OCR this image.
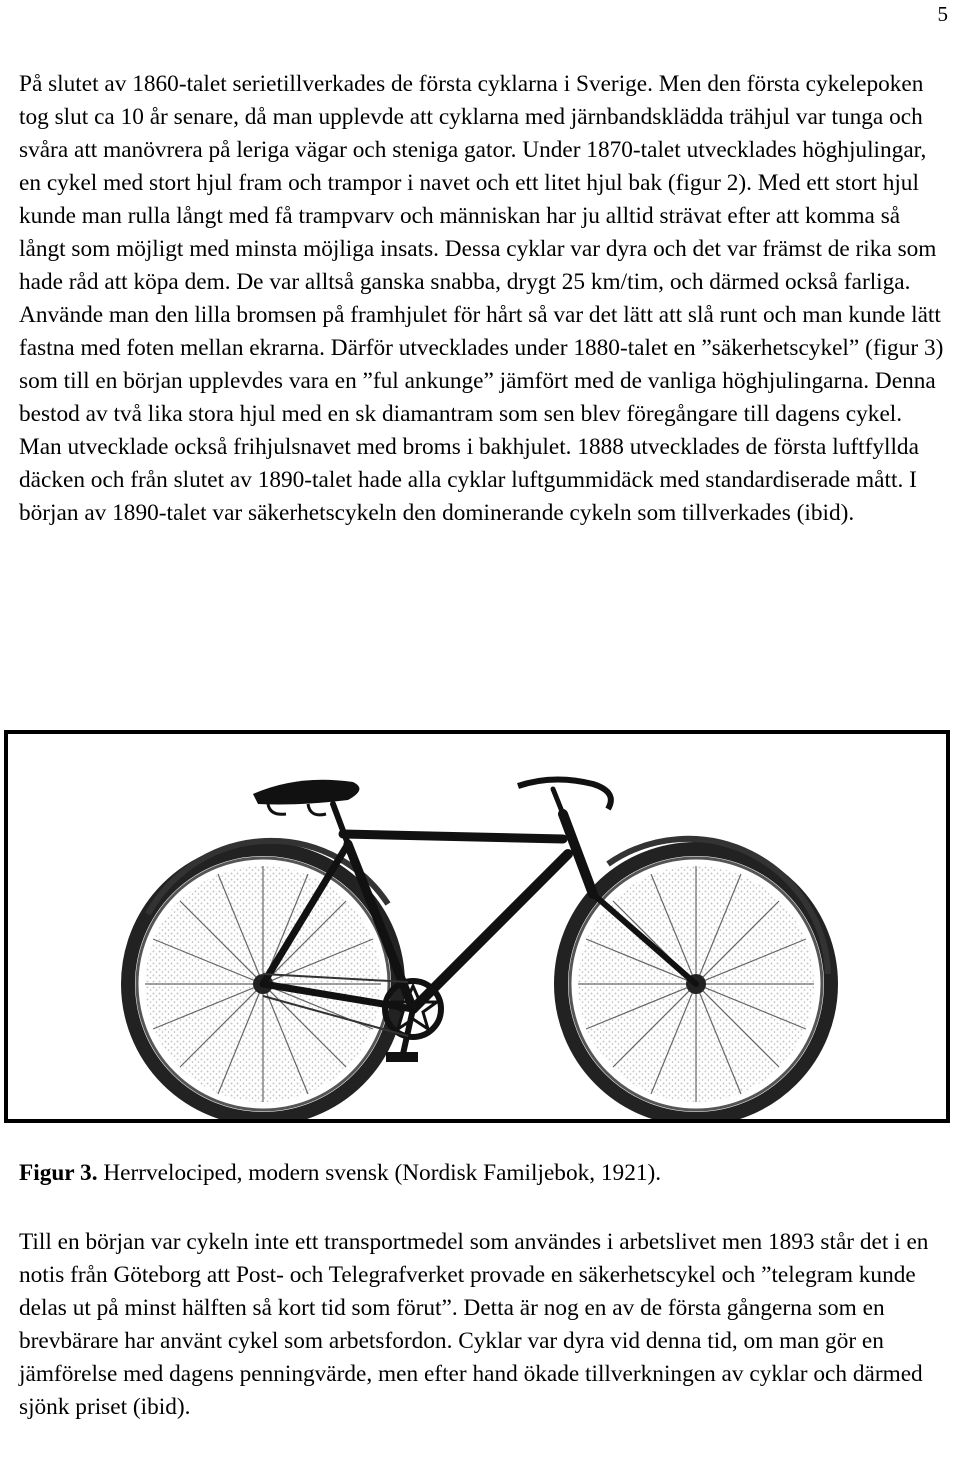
5

På slutet av 1860-talet serietillverkades de första cyklarna i Sverige. Men den första cykelepoken tog slut ca 10 år senare, då man upplevde att cyklarna med järnbandsklädda trähjul var tunga och svåra att manövrera på leriga vägar och steniga gator. Under 1870-talet utvecklades höghjulingar, en cykel med stort hjul fram och trampor i navet och ett litet hjul bak (figur 2). Med ett stort hjul kunde man rulla långt med få trampvarv och människan har ju alltid strävat efter att komma så långt som möjligt med minsta möjliga insats. Dessa cyklar var dyra och det var främst de rika som hade råd att köpa dem. De var alltså ganska snabba, drygt 25 km/tim, och därmed också farliga. Använde man den lilla bromsen på framhjulet för hårt så var det lätt att slå runt och man kunde lätt fastna med foten mellan ekrarna. Därför utvecklades under 1880-talet en ”säkerhetscykel” (figur 3) som till en början upplevdes vara en ”ful ankunge” jämfört med de vanliga höghjulingarna. Denna bestod av två lika stora hjul med en sk diamantram som sen blev föregångare till dagens cykel. Man utvecklade också frihjulsnavet med broms i bakhjulet. 1888 utvecklades de första luftfyllda däcken och från slutet av 1890-talet hade alla cyklar luftgummidäck med standardiserade mått. I början av 1890-talet var säkerhetscykeln den dominerande cykeln som tillverkades (ibid).

Figur 3. Herrvelociped, modern svensk (Nordisk Familjebok, 1921).

Till en början var cykeln inte ett transportmedel som användes i arbetslivet men 1893 står det i en notis från Göteborg att Post- och Telegrafverket provade en säkerhetscykel och ”telegram kunde delas ut på minst hälften så kort tid som förut”. Detta är nog en av de första gångerna som en brevbärare har använt cykel som arbetsfordon. Cyklar var dyra vid denna tid, om man gör en jämförelse med dagens penningvärde, men efter hand ökade tillverkningen av cyklar och därmed sjönk priset (ibid).
